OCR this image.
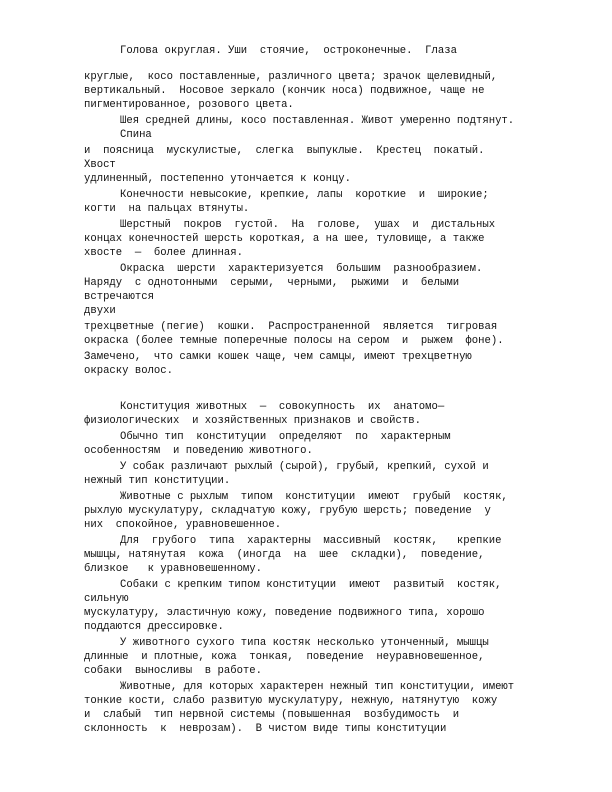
Голова округлая. Уши  стоячие,  остроконечные.  Глаза
круглые,  косо поставленные, различного цвета; зрачок щелевидный,
вертикальный.  Носовое зеркало (кончик носа) подвижное, чаще не
пигментированное, розового цвета.
Шея средней длины, косо поставленная. Живот умеренно подтянут.
Спина
и  поясница  мускулистые,  слегка  выпуклые.  Крестец  покатый.
Хвост
удлиненный, постепенно утончается к концу.
Конечности невысокие, крепкие, лапы  короткие  и  широкие;
когти  на пальцах втянуты.
Шерстный  покров  густой.  На  голове,  ушах  и  дистальных
концах конечностей шерсть короткая, а на шее, туловище, а также
хвосте  —  более длинная.
Окраска  шерсти  характеризуется  большим  разнообразием.
Наряду  с однотонными  серыми,  черными,  рыжими  и  белыми
встречаются
двухи
трехцветные (пегие)  кошки.  Распространенной  является  тигровая
окраска (более темные поперечные полосы на сером  и  рыжем  фоне).
Замечено,  что самки кошек чаще, чем самцы, имеют трехцветную
окраску волос.
Конституция животных  —  совокупность  их  анатомо—
физиологических  и хозяйственных признаков и свойств.
Обычно тип  конституции  определяют  по  характерным
особенностям  и поведению животного.
У собак различают рыхлый (сырой), грубый, крепкий, сухой и
нежный тип конституции.
Животные с рыхлым  типом  конституции  имеют  грубый  костяк,
рыхлую мускулатуру, складчатую кожу, грубую шерсть; поведение  у
них  спокойное, уравновешенное.
Для  грубого  типа  характерны  массивный  костяк,   крепкие
мышцы, натянутая  кожа  (иногда  на  шее  складки),  поведение,
близкое   к уравновешенному.
Собаки с крепким типом конституции  имеют  развитый  костяк,
сильную
мускулатуру, эластичную кожу, поведение подвижного типа, хорошо
поддаются дрессировке.
У животного сухого типа костяк несколько утонченный, мышцы
длинные  и плотные, кожа  тонкая,  поведение  неуравновешенное,
собаки  выносливы  в работе.
Животные, для которых характерен нежный тип конституции, имеют
тонкие кости, слабо развитую мускулатуру, нежную, натянутую  кожу
и  слабый  тип нервной системы (повышенная  возбудимость  и
склонность  к  неврозам).  В чистом виде типы конституции
